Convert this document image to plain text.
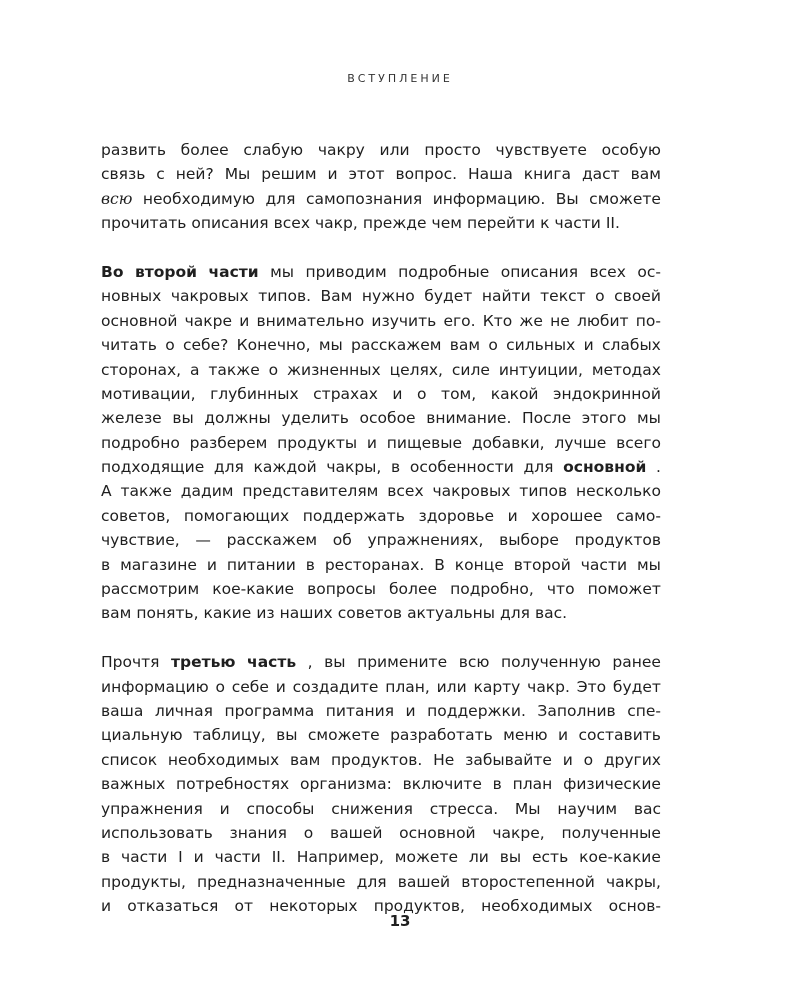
ВСТУПЛЕНИЕ
развить более слабую чакру или просто чувствуете особую
связь с ней? Мы решим и этот вопрос. Наша книга даст вам
всю необходимую для самопознания информацию. Вы сможете
прочитать описания всех чакр, прежде чем перейти к части II.
Во второй части мы приводим подробные описания всех ос-
новных чакровых типов. Вам нужно будет найти текст о своей
основной чакре и внимательно изучить его. Кто же не любит по-
читать о себе? Конечно, мы расскажем вам о сильных и слабых
сторонах, а также о жизненных целях, силе интуиции, методах
мотивации, глубинных страхах и о том, какой эндокринной
железе вы должны уделить особое внимание. После этого мы
подробно разберем продукты и пищевые добавки, лучше всего
подходящие для каждой чакры, в особенности для основной .
А также дадим представителям всех чакровых типов несколько
советов, помогающих поддержать здоровье и хорошее само-
чувствие, — расскажем об упражнениях, выборе продуктов
в магазине и питании в ресторанах. В конце второй части мы
рассмотрим кое-какие вопросы более подробно, что поможет
вам понять, какие из наших советов актуальны для вас.
Прочтя третью часть , вы примените всю полученную ранее
информацию о себе и создадите план, или карту чакр. Это будет
ваша личная программа питания и поддержки. Заполнив спе-
циальную таблицу, вы сможете разработать меню и составить
список необходимых вам продуктов. Не забывайте и о других
важных потребностях организма: включите в план физические
упражнения и способы снижения стресса. Мы научим вас
использовать знания о вашей основной чакре, полученные
в части I и части II. Например, можете ли вы есть кое-какие
продукты, предназначенные для вашей второстепенной чакры,
и отказаться от некоторых продуктов, необходимых основ-
13
